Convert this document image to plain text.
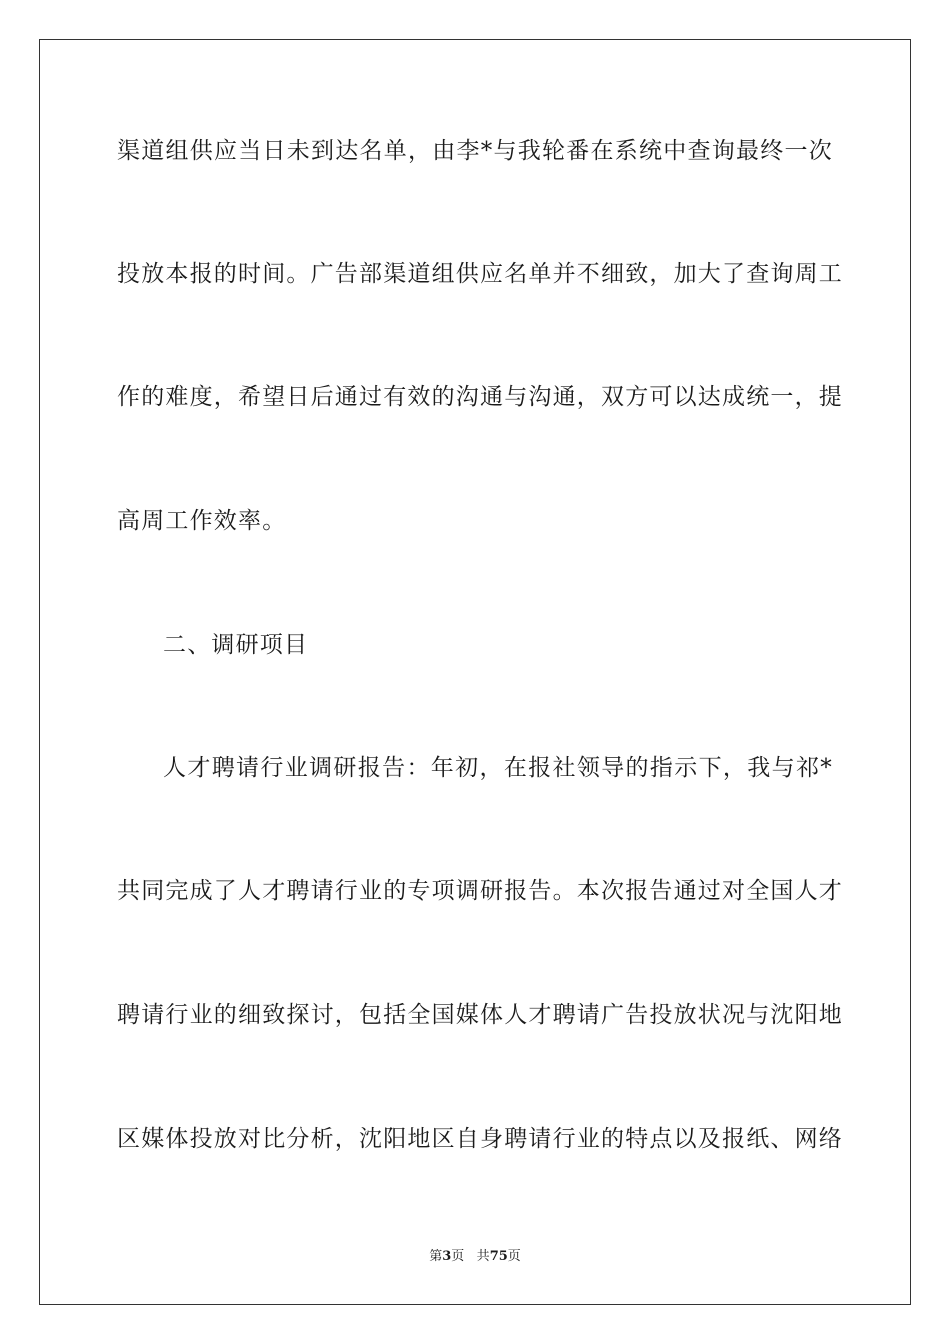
渠道组供应当日未到达名单，由李*与我轮番在系统中查询最终一次
投放本报的时间。广告部渠道组供应名单并不细致，加大了查询周工
作的难度，希望日后通过有效的沟通与沟通，双方可以达成统一，提
高周工作效率。
二、调研项目
人才聘请行业调研报告：年初，在报社领导的指示下，我与祁*
共同完成了人才聘请行业的专项调研报告。本次报告通过对全国人才
聘请行业的细致探讨，包括全国媒体人才聘请广告投放状况与沈阳地
区媒体投放对比分析，沈阳地区自身聘请行业的特点以及报纸、网络
第3页 共75页
